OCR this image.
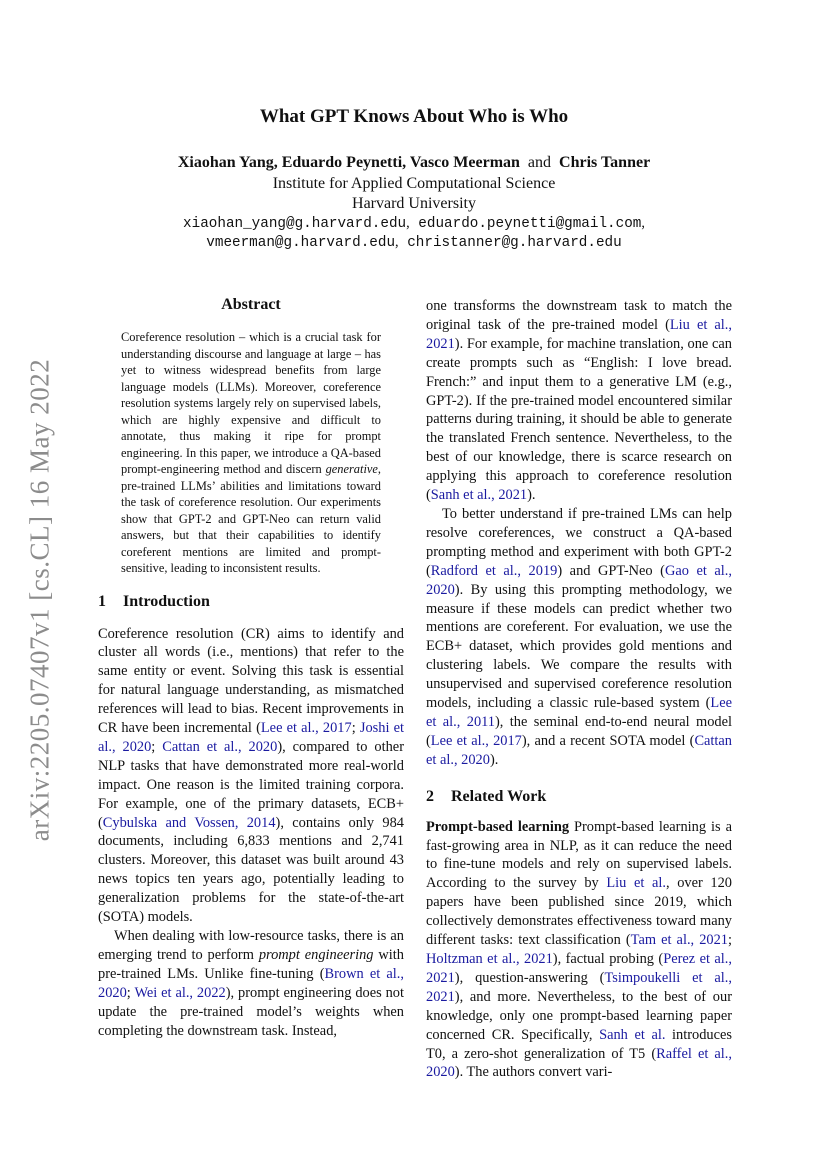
arXiv:2205.07407v1 [cs.CL] 16 May 2022
What GPT Knows About Who is Who
Xiaohan Yang, Eduardo Peynetti, Vasco Meerman and Chris Tanner
Institute for Applied Computational Science
Harvard University
xiaohan_yang@g.harvard.edu, eduardo.peynetti@gmail.com,
vmeerman@g.harvard.edu, christanner@g.harvard.edu
Abstract
Coreference resolution – which is a crucial task for understanding discourse and language at large – has yet to witness widespread benefits from large language models (LLMs). Moreover, coreference resolution systems largely rely on supervised labels, which are highly expensive and difficult to annotate, thus making it ripe for prompt engineering. In this paper, we introduce a QA-based prompt-engineering method and discern generative, pre-trained LLMs’ abilities and limitations toward the task of coreference resolution. Our experiments show that GPT-2 and GPT-Neo can return valid answers, but that their capabilities to identify coreferent mentions are limited and prompt-sensitive, leading to inconsistent results.
1	Introduction

Coreference resolution (CR) aims to identify and cluster all words (i.e., mentions) that refer to the same entity or event. Solving this task is essential for natural language understanding, as mismatched references will lead to bias. Recent improvements in CR have been incremental (Lee et al., 2017; Joshi et al., 2020; Cattan et al., 2020), compared to other NLP tasks that have demonstrated more real-world impact. One reason is the limited training corpora. For example, one of the primary datasets, ECB+ (Cybulska and Vossen, 2014), contains only 984 documents, including 6,833 mentions and 2,741 clusters. Moreover, this dataset was built around 43 news topics ten years ago, potentially leading to generalization problems for the state-of-the-art (SOTA) models.

When dealing with low-resource tasks, there is an emerging trend to perform prompt engineering with pre-trained LMs. Unlike fine-tuning (Brown et al., 2020; Wei et al., 2022), prompt engineering does not update the pre-trained model’s weights when completing the downstream task. Instead,

one transforms the downstream task to match the original task of the pre-trained model (Liu et al., 2021). For example, for machine translation, one can create prompts such as “English: I love bread. French:” and input them to a generative LM (e.g., GPT-2). If the pre-trained model encountered similar patterns during training, it should be able to generate the translated French sentence. Nevertheless, to the best of our knowledge, there is scarce research on applying this approach to coreference resolution (Sanh et al., 2021).

To better understand if pre-trained LMs can help resolve coreferences, we construct a QA-based prompting method and experiment with both GPT-2 (Radford et al., 2019) and GPT-Neo (Gao et al., 2020). By using this prompting methodology, we measure if these models can predict whether two mentions are coreferent. For evaluation, we use the ECB+ dataset, which provides gold mentions and clustering labels. We compare the results with unsupervised and supervised coreference resolution models, including a classic rule-based system (Lee et al., 2011), the seminal end-to-end neural model (Lee et al., 2017), and a recent SOTA model (Cattan et al., 2020).

2	Related Work

Prompt-based learning Prompt-based learning is a fast-growing area in NLP, as it can reduce the need to fine-tune models and rely on supervised labels. According to the survey by Liu et al., over 120 papers have been published since 2019, which collectively demonstrates effectiveness toward many different tasks: text classification (Tam et al., 2021; Holtzman et al., 2021), factual probing (Perez et al., 2021), question-answering (Tsimpoukelli et al., 2021), and more. Nevertheless, to the best of our knowledge, only one prompt-based learning paper concerned CR. Specifically, Sanh et al. introduces T0, a zero-shot generalization of T5 (Raffel et al., 2020). The authors convert vari-
